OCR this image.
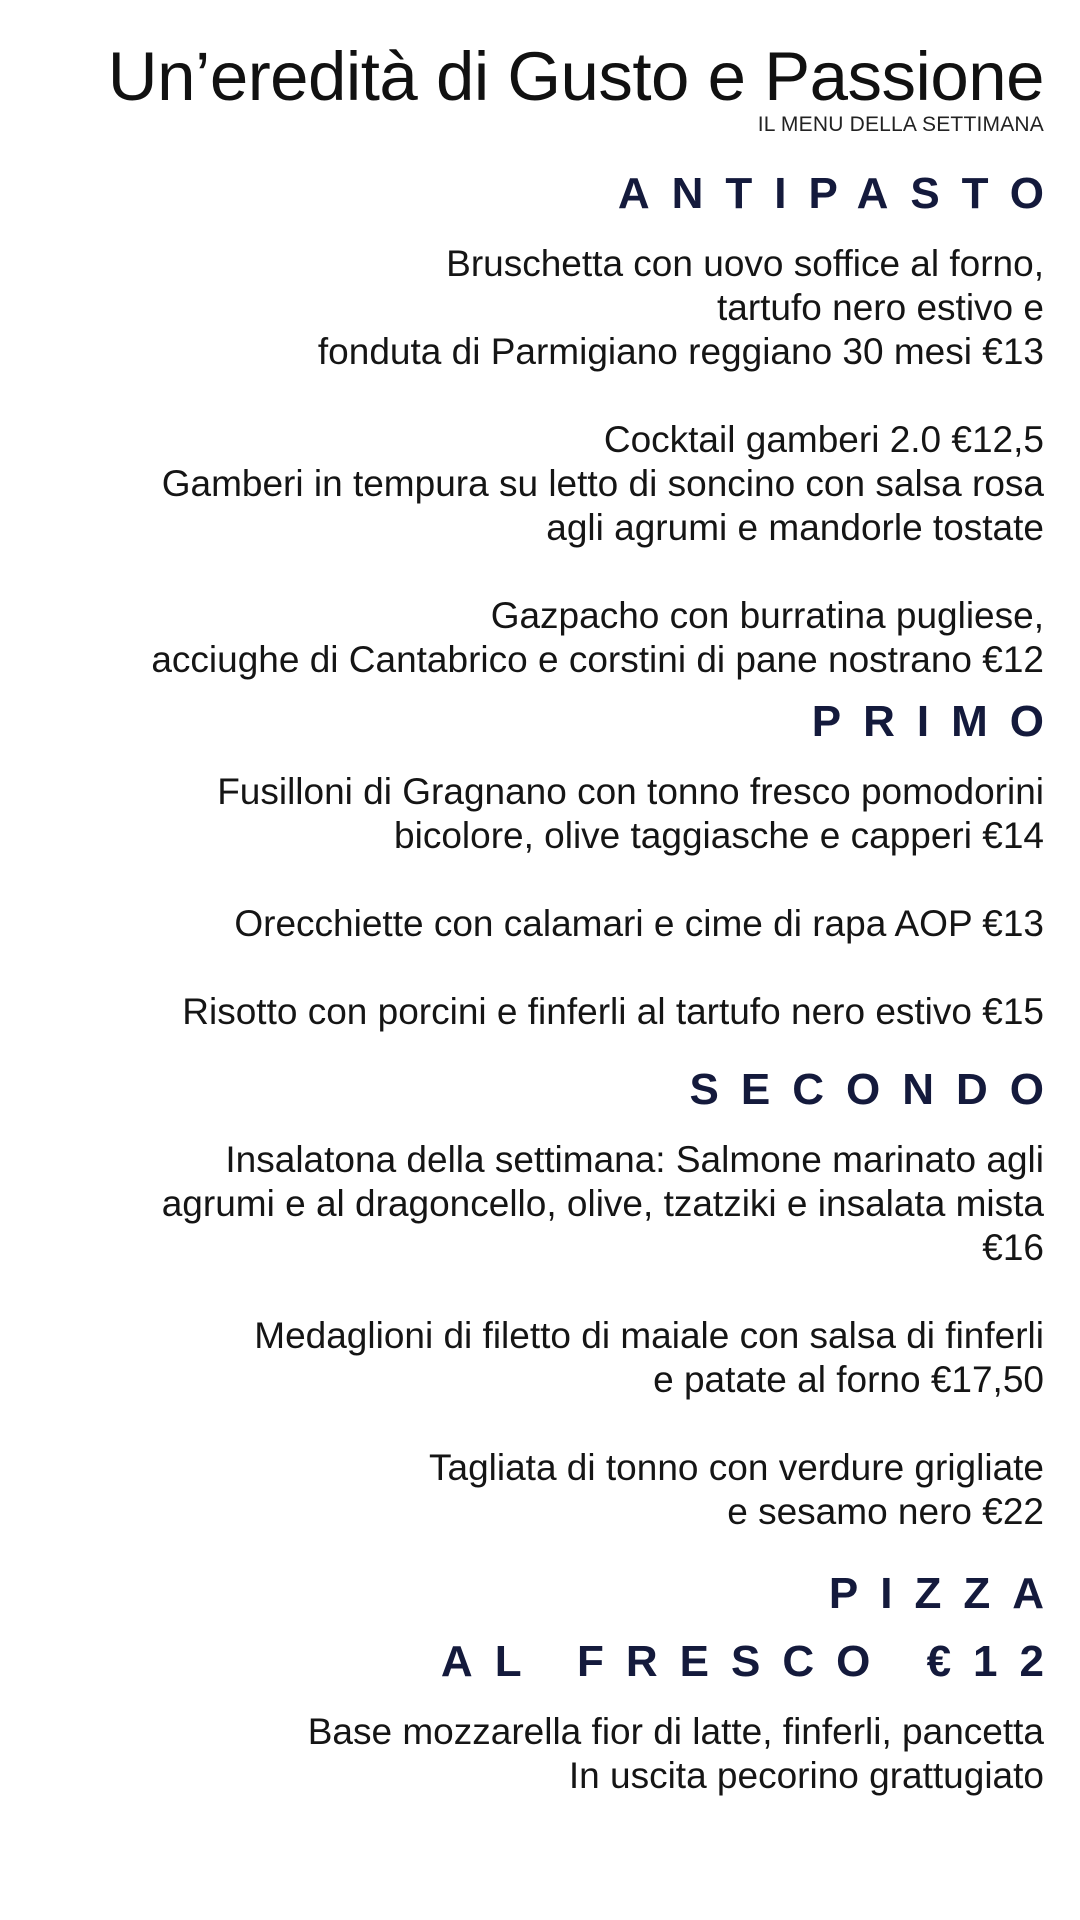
Un’eredità di Gusto e Passione
IL MENU DELLA SETTIMANA
ANTIPASTO

Bruschetta con uovo soffice al forno,
tartufo nero estivo e
fonduta di Parmigiano reggiano 30 mesi €13

Cocktail gamberi 2.0 €12,5
Gamberi in tempura su letto di soncino con salsa rosa
agli agrumi e mandorle tostate

Gazpacho con burratina pugliese,
acciughe di Cantabrico e corstini di pane nostrano €12

PRIMO

Fusilloni di Gragnano con tonno fresco pomodorini
bicolore, olive taggiasche e capperi €14

Orecchiette con calamari e cime di rapa AOP €13

Risotto con porcini e finferli al tartufo nero estivo €15

SECONDO

Insalatona della settimana: Salmone marinato agli
agrumi e al dragoncello, olive, tzatziki e insalata mista
€16

Medaglioni di filetto di maiale con salsa di finferli
e patate al forno €17,50

Tagliata di tonno con verdure grigliate
e sesamo nero €22

PIZZA
AL FRESCO €12

Base mozzarella fior di latte, finferli, pancetta
In uscita pecorino grattugiato
